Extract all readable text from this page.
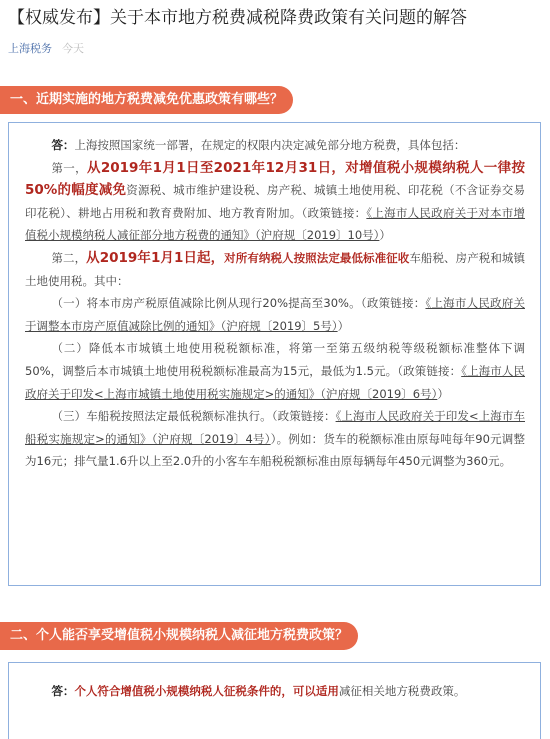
【权威发布】关于本市地方税费减税降费政策有关问题的解答
上海税务 今天
一、近期实施的地方税费减免优惠政策有哪些？

答：上海按照国家统一部署，在规定的权限内决定减免部分地方税费，具体包括：

第一，从2019年1月1日至2021年12月31日，对增值税小规模纳税人一律按50%的幅度减免资源税、城市维护建设税、房产税、城镇土地使用税、印花税（不含证券交易印花税）、耕地占用税和教育费附加、地方教育附加。（政策链接：《上海市人民政府关于对本市增值税小规模纳税人减征部分地方税费的通知》（沪府规〔2019〕10号））

第二，从2019年1月1日起，对所有纳税人按照法定最低标准征收车船税、房产税和城镇土地使用税。其中：

（一）将本市房产税原值减除比例从现行20%提高至30%。（政策链接：《上海市人民政府关于调整本市房产原值减除比例的通知》（沪府规〔2019〕5号））

（二）降低本市城镇土地使用税税额标准，将第一至第五级纳税等级税额标准整体下调50%，调整后本市城镇土地使用税税额标准最高为15元，最低为1.5元。（政策链接：《上海市人民政府关于印发<上海市城镇土地使用税实施规定>的通知》（沪府规〔2019〕6号））

（三）车船税按照法定最低税额标准执行。（政策链接：《上海市人民政府关于印发<上海市车船税实施规定>的通知》（沪府规〔2019〕4号））。例如：货车的税额标准由原每吨每年90元调整为16元；排气量1.6升以上至2.0升的小客车车船税税额标准由原每辆每年450元调整为360元。

二、个人能否享受增值税小规模纳税人减征地方税费政策？

答：个人符合增值税小规模纳税人征税条件的，可以适用减征相关地方税费政策。
